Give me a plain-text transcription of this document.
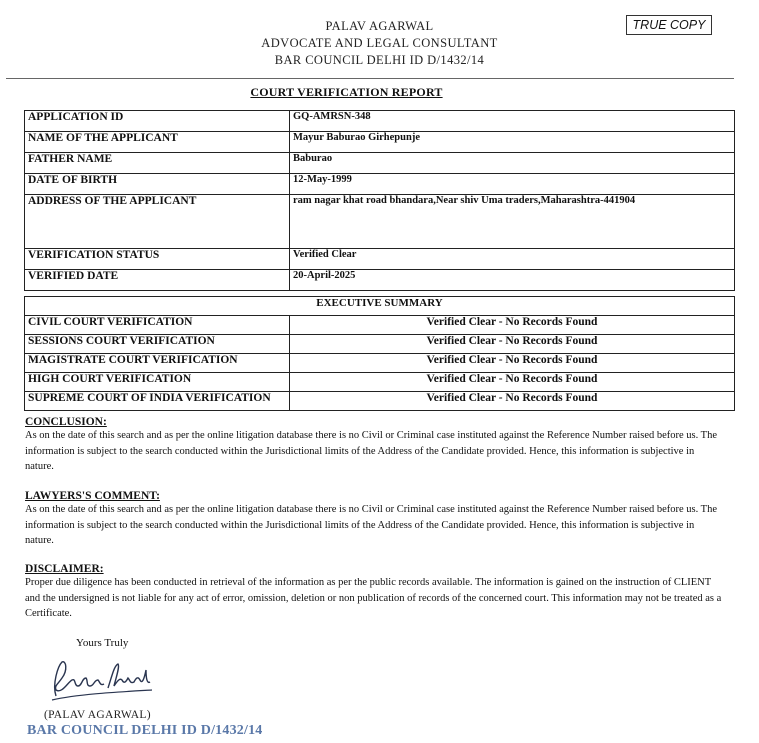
PALAV AGARWAL
ADVOCATE AND LEGAL CONSULTANT
BAR COUNCIL DELHI ID D/1432/14
TRUE COPY
COURT VERIFICATION REPORT
APPLICATION ID	GQ-AMRSN-348
NAME OF THE APPLICANT	Mayur Baburao Girhepunje
FATHER NAME	Baburao
DATE OF BIRTH	12-May-1999
ADDRESS OF THE APPLICANT	ram nagar khat road bhandara,Near shiv Uma traders,Maharashtra-441904
VERIFICATION STATUS	Verified Clear
VERIFIED DATE	20-April-2025
EXECUTIVE SUMMARY	
CIVIL COURT VERIFICATION	Verified Clear - No Records Found
SESSIONS COURT VERIFICATION	Verified Clear - No Records Found
MAGISTRATE COURT VERIFICATION	Verified Clear - No Records Found
HIGH COURT VERIFICATION	Verified Clear - No Records Found
SUPREME COURT OF INDIA VERIFICATION	Verified Clear - No Records Found
CONCLUSION:

As on the date of this search and as per the online litigation database there is no Civil or Criminal case instituted against the Reference Number raised before us. The information is subject to the search conducted within the Jurisdictional limits of the Address of the Candidate provided. Hence, this information is subjective in nature.

LAWYERS'S COMMENT:

As on the date of this search and as per the online litigation database there is no Civil or Criminal case instituted against the Reference Number raised before us. The information is subject to the search conducted within the Jurisdictional limits of the Address of the Candidate provided. Hence, this information is subjective in nature.

DISCLAIMER:

Proper due diligence has been conducted in retrieval of the information as per the public records available. The information is gained on the instruction of CLIENT and the undersigned is not liable for any act of error, omission, deletion or non publication of records of the concerned court. This information may not be treated as a Certificate.

Yours Truly
(PALAV AGARWAL)
BAR COUNCIL DELHI ID D/1432/14
